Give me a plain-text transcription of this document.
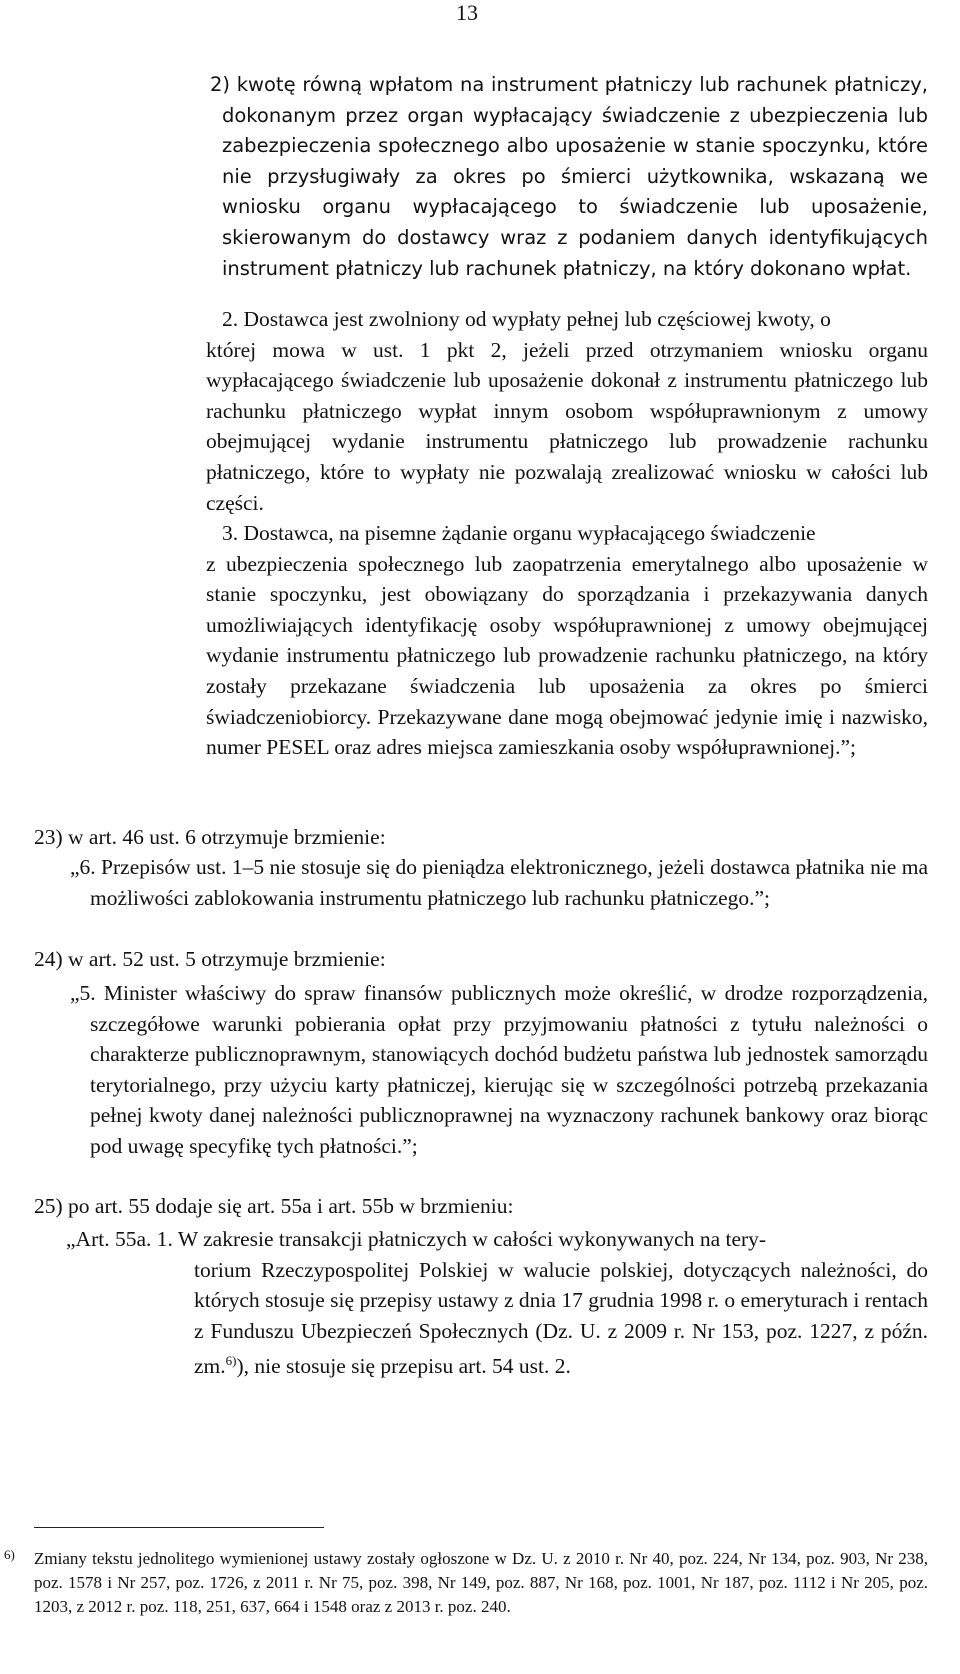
13
2) kwotę równą wpłatom na instrument płatniczy lub rachunek płatniczy, dokonanym przez organ wypłacający świadczenie z ubezpieczenia lub zabezpieczenia społecznego albo uposażenie w stanie spoczynku, które nie przysługiwały za okres po śmierci użytkownika, wskazaną we wniosku organu wypłacającego to świadczenie lub uposażenie, skierowanym do dostawcy wraz z podaniem danych identyfikujących instrument płatniczy lub rachunek płatniczy, na który dokonano wpłat.
2. Dostawca jest zwolniony od wypłaty pełnej lub częściowej kwoty, o
której mowa w ust. 1 pkt 2, jeżeli przed otrzymaniem wniosku organu wypłacającego świadczenie lub uposażenie dokonał z instrumentu płatniczego lub rachunku płatniczego wypłat innym osobom współuprawnionym z umowy obejmującej wydanie instrumentu płatniczego lub prowadzenie rachunku płatniczego, które to wypłaty nie pozwalają zrealizować wniosku w całości lub części.
3. Dostawca, na pisemne żądanie organu wypłacającego świadczenie
z ubezpieczenia społecznego lub zaopatrzenia emerytalnego albo uposażenie w stanie spoczynku, jest obowiązany do sporządzania i przekazywania danych umożliwiających identyfikację osoby współuprawnionej z umowy obejmującej wydanie instrumentu płatniczego lub prowadzenie rachunku płatniczego, na który zostały przekazane świadczenia lub uposażenia za okres po śmierci świadczeniobiorcy. Przekazywane dane mogą obejmować jedynie imię i nazwisko, numer PESEL oraz adres miejsca zamieszkania osoby współuprawnionej.”;
23) w art. 46 ust. 6 otrzymuje brzmienie:
„6. Przepisów ust. 1–5 nie stosuje się do pieniądza elektronicznego, jeżeli dostawca płatnika nie ma możliwości zablokowania instrumentu płatniczego lub rachunku płatniczego.”;
24) w art. 52 ust. 5 otrzymuje brzmienie:
„5. Minister właściwy do spraw finansów publicznych może określić, w drodze rozporządzenia, szczegółowe warunki pobierania opłat przy przyjmowaniu płatności z tytułu należności o charakterze publicznoprawnym, stanowiących dochód budżetu państwa lub jednostek samorządu terytorialnego, przy użyciu karty płatniczej, kierując się w szczególności potrzebą przekazania pełnej kwoty danej należności publicznoprawnej na wyznaczony rachunek bankowy oraz biorąc pod uwagę specyfikę tych płatności.”;
25) po art. 55 dodaje się art. 55a i art. 55b w brzmieniu:
„Art. 55a. 1. W zakresie transakcji płatniczych w całości wykonywanych na tery-
torium Rzeczypospolitej Polskiej w walucie polskiej, dotyczących należności, do których stosuje się przepisy ustawy z dnia 17 grudnia 1998 r. o emeryturach i rentach z Funduszu Ubezpieczeń Społecznych (Dz. U. z 2009 r. Nr 153, poz. 1227, z późn. zm.$^{6)}$), nie stosuje się przepisu art. 54 ust. 2.
6) Zmiany tekstu jednolitego wymienionej ustawy zostały ogłoszone w Dz. U. z 2010 r. Nr 40, poz. 224, Nr 134, poz. 903, Nr 238, poz. 1578 i Nr 257, poz. 1726, z 2011 r. Nr 75, poz. 398, Nr 149, poz. 887, Nr 168, poz. 1001, Nr 187, poz. 1112 i Nr 205, poz. 1203, z 2012 r. poz. 118, 251, 637, 664 i 1548 oraz z 2013 r. poz. 240.
